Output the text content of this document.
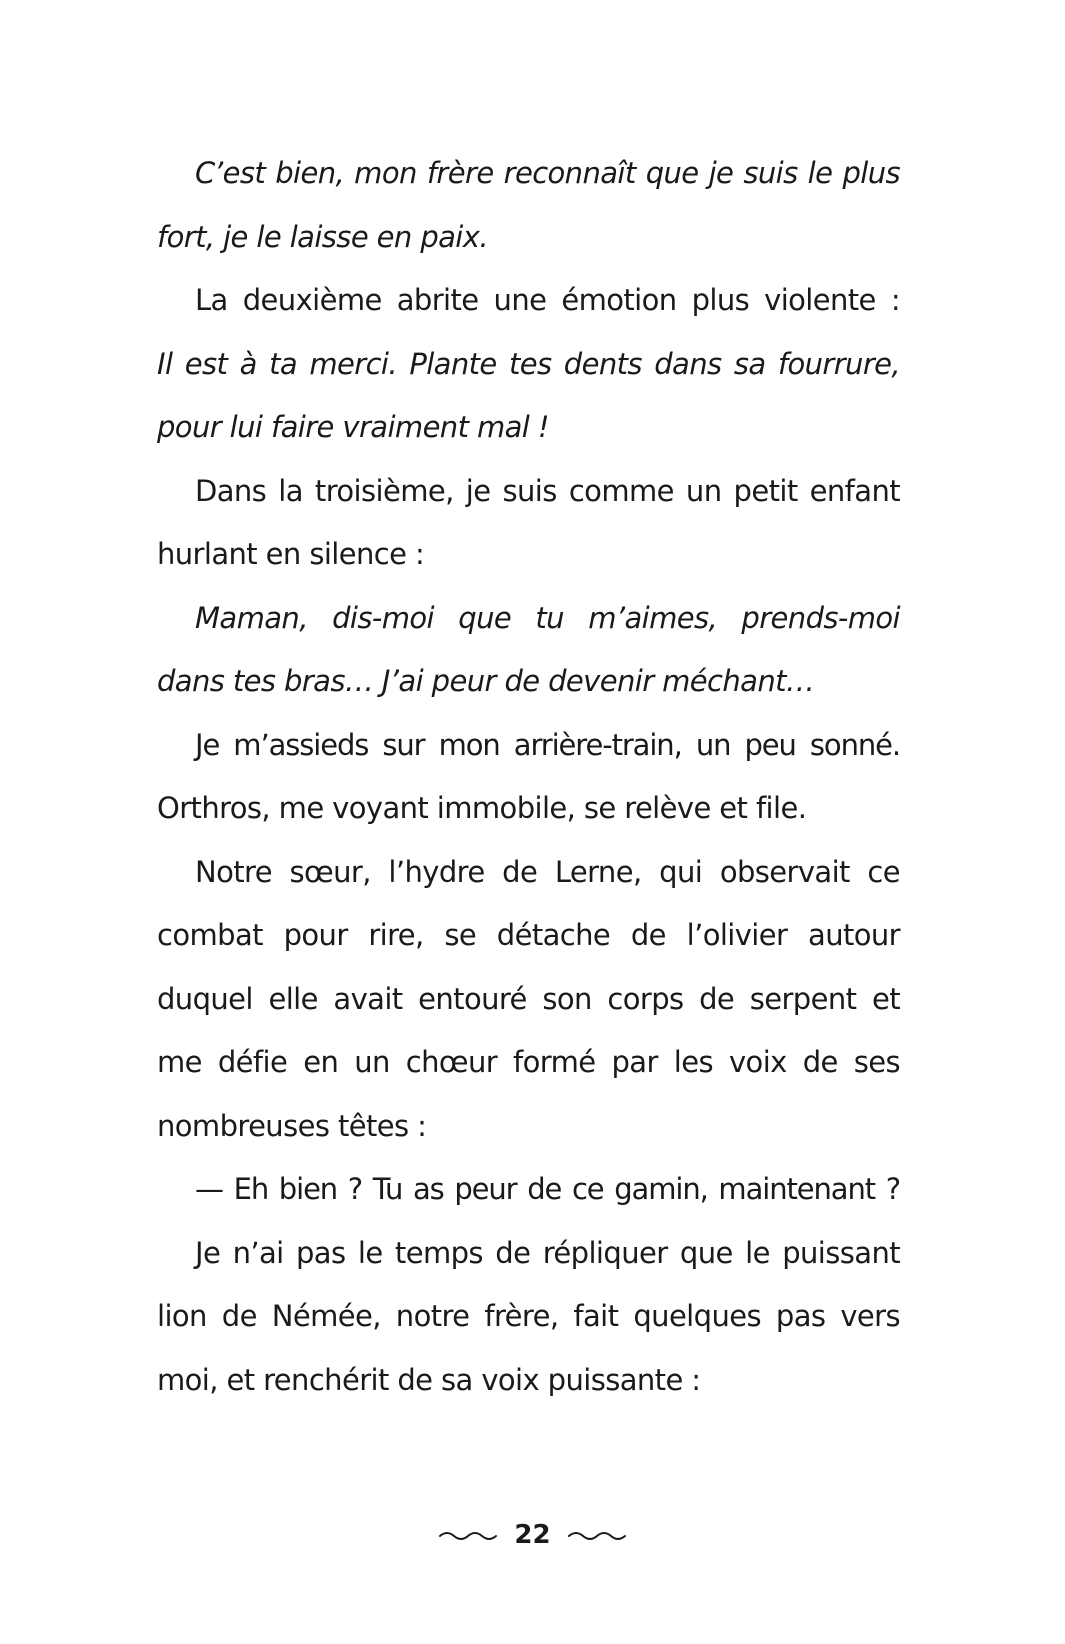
C’est bien, mon frère reconnaît que je suis le plus
fort, je le laisse en paix.
La deuxième abrite une émotion plus violente :
Il est à ta merci. Plante tes dents dans sa fourrure,
pour lui faire vraiment mal !
Dans la troisième, je suis comme un petit enfant
hurlant en silence :
Maman, dis-moi que tu m’aimes, prends-moi
dans tes bras… J’ai peur de devenir méchant…
Je m’assieds sur mon arrière-train, un peu sonné.
Orthros, me voyant immobile, se relève et file.
Notre sœur, l’hydre de Lerne, qui observait ce
combat pour rire, se détache de l’olivier autour
duquel elle avait entouré son corps de serpent et
me défie en un chœur formé par les voix de ses
nombreuses têtes :
— Eh bien ? Tu as peur de ce gamin, maintenant ?
Je n’ai pas le temps de répliquer que le puissant
lion de Némée, notre frère, fait quelques pas vers
moi, et renchérit de sa voix puissante :
22
